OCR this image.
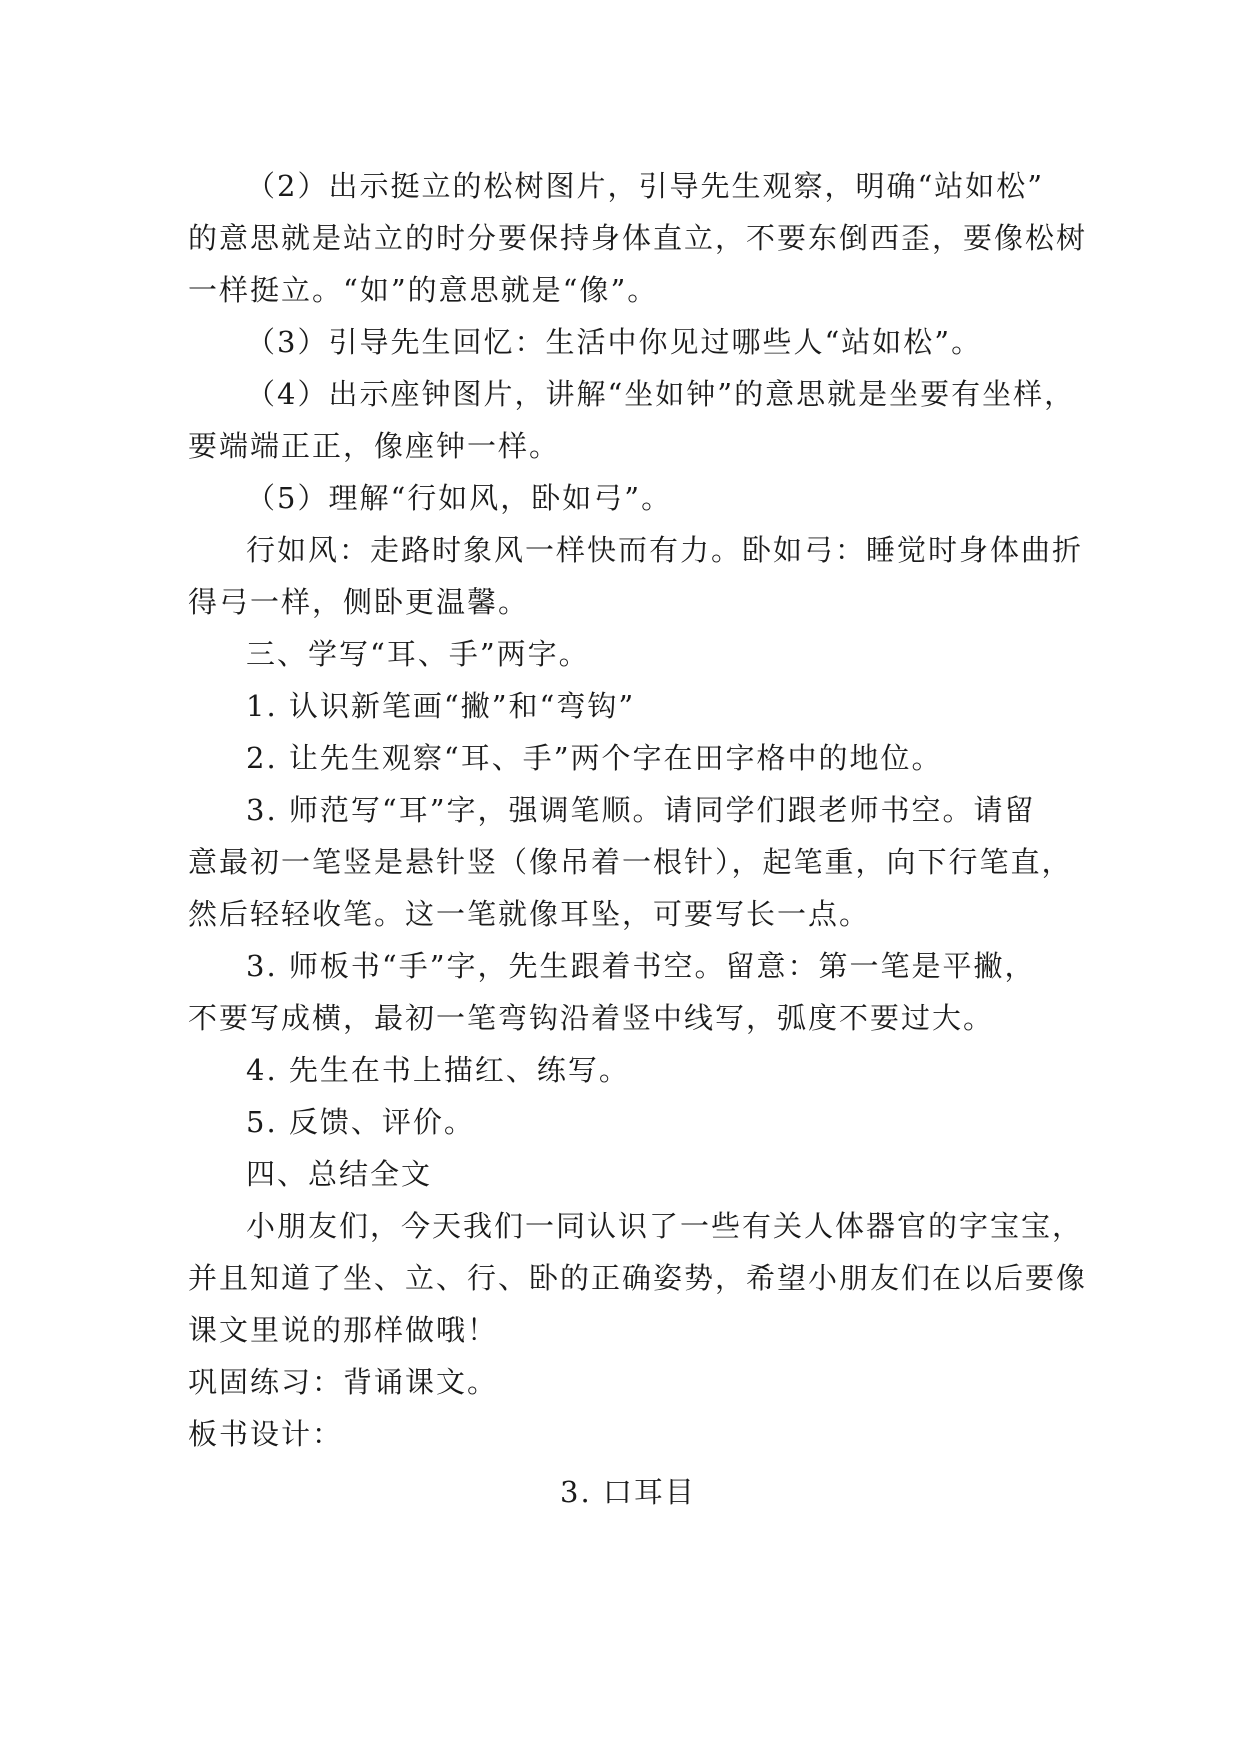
（2）出示挺立的松树图片，引导先生观察，明确“站如松”
的意思就是站立的时分要保持身体直立，不要东倒西歪，要像松树
一样挺立。“如”的意思就是“像”。
（3）引导先生回忆：生活中你见过哪些人“站如松”。
（4）出示座钟图片，讲解“坐如钟”的意思就是坐要有坐样，
要端端正正，像座钟一样。
（5）理解“行如风，卧如弓”。
行如风：走路时象风一样快而有力。卧如弓：睡觉时身体曲折
得弓一样，侧卧更温馨。
三、学写“耳、手”两字。
1. 认识新笔画“撇”和“弯钩”
2. 让先生观察“耳、手”两个字在田字格中的地位。
3. 师范写“耳”字，强调笔顺。请同学们跟老师书空。请留
意最初一笔竖是悬针竖（像吊着一根针），起笔重，向下行笔直，
然后轻轻收笔。这一笔就像耳坠，可要写长一点。
3. 师板书“手”字，先生跟着书空。留意：第一笔是平撇，
不要写成横，最初一笔弯钩沿着竖中线写，弧度不要过大。
4. 先生在书上描红、练写。
5. 反馈、评价。
四、总结全文
小朋友们，今天我们一同认识了一些有关人体器官的字宝宝，
并且知道了坐、立、行、卧的正确姿势，希望小朋友们在以后要像
课文里说的那样做哦！
巩固练习：背诵课文。
板书设计：
3. 口耳目
